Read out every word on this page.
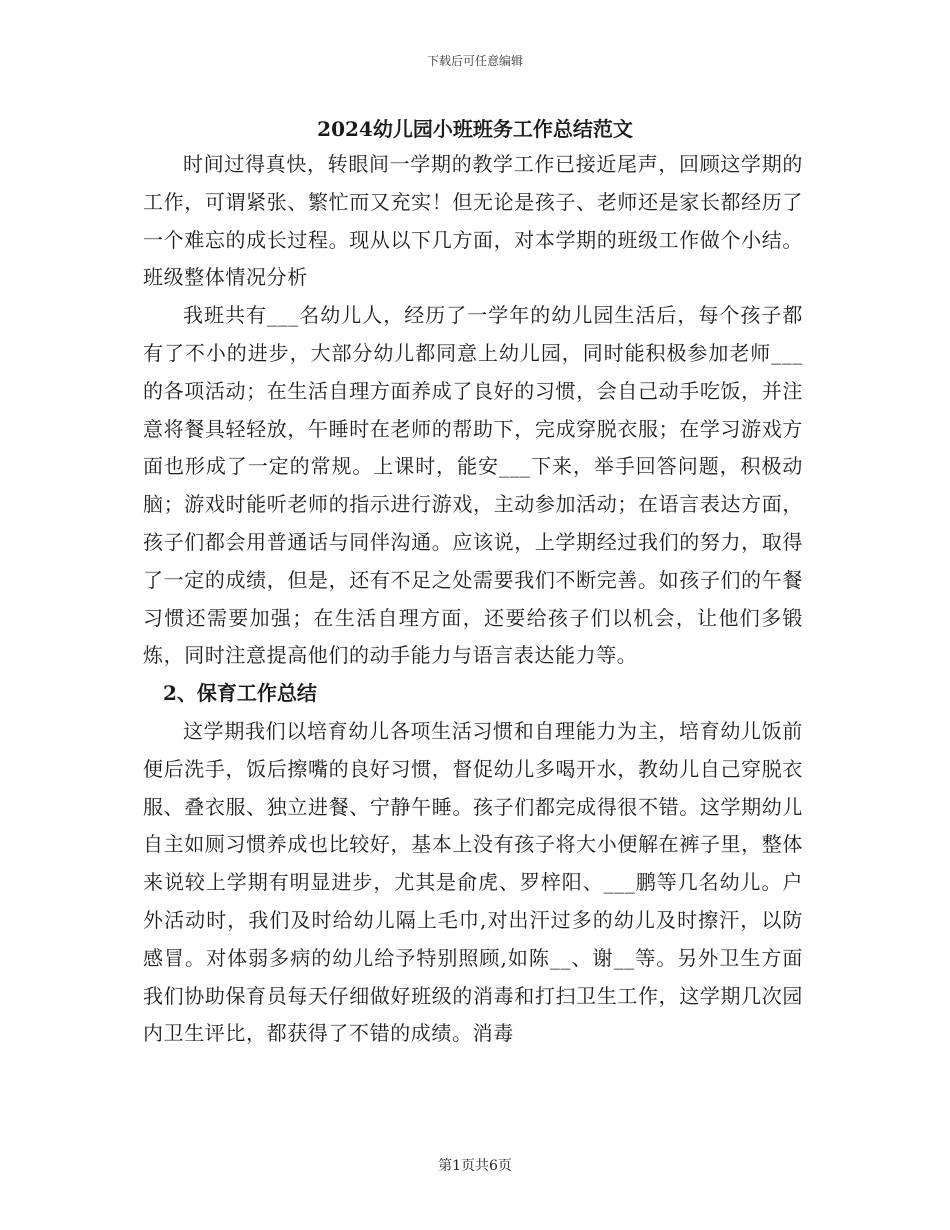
下载后可任意编辑
2024幼儿园小班班务工作总结范文

时间过得真快，转眼间一学期的教学工作已接近尾声，回顾这学期的工作，可谓紧张、繁忙而又充实！但无论是孩子、老师还是家长都经历了一个难忘的成长过程。现从以下几方面，对本学期的班级工作做个小结。班级整体情况分析

我班共有___名幼儿人，经历了一学年的幼儿园生活后，每个孩子都有了不小的进步，大部分幼儿都同意上幼儿园，同时能积极参加老师___的各项活动；在生活自理方面养成了良好的习惯，会自己动手吃饭，并注意将餐具轻轻放，午睡时在老师的帮助下，完成穿脱衣服；在学习游戏方面也形成了一定的常规。上课时，能安___下来，举手回答问题，积极动脑；游戏时能听老师的指示进行游戏，主动参加活动；在语言表达方面，孩子们都会用普通话与同伴沟通。应该说，上学期经过我们的努力，取得了一定的成绩，但是，还有不足之处需要我们不断完善。如孩子们的午餐习惯还需要加强；在生活自理方面，还要给孩子们以机会，让他们多锻炼，同时注意提高他们的动手能力与语言表达能力等。

2、保育工作总结

这学期我们以培育幼儿各项生活习惯和自理能力为主，培育幼儿饭前便后洗手，饭后擦嘴的良好习惯，督促幼儿多喝开水，教幼儿自己穿脱衣服、叠衣服、独立进餐、宁静午睡。孩子们都完成得很不错。这学期幼儿自主如厕习惯养成也比较好，基本上没有孩子将大小便解在裤子里，整体来说较上学期有明显进步，尤其是俞虎、罗梓阳、___鹏等几名幼儿。户外活动时，我们及时给幼儿隔上毛巾,对出汗过多的幼儿及时擦汗，以防感冒。对体弱多病的幼儿给予特别照顾,如陈__、谢__等。另外卫生方面我们协助保育员每天仔细做好班级的消毒和打扫卫生工作，这学期几次园内卫生评比，都获得了不错的成绩。消毒

第1页共6页
